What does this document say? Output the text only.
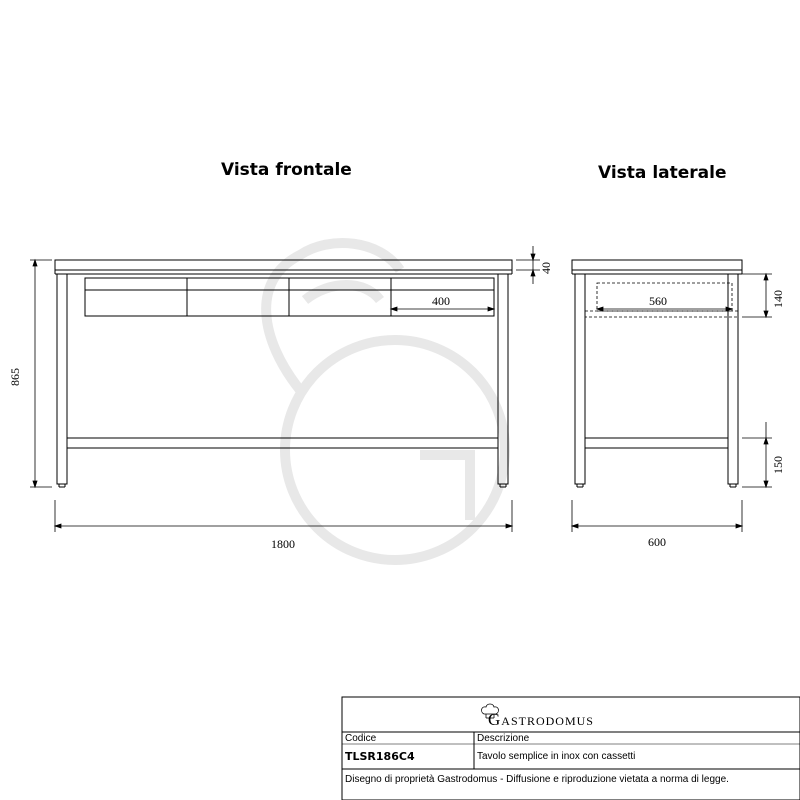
400
865
40
1800
560	140
150
600
Vista frontale	Vista laterale
Gastrodomus
Codice
TLSR186C4
Descrizione
Tavolo semplice in inox con cassetti
Disegno di proprietà Gastrodomus - Diffusione e riproduzione vietata a norma di legge.
